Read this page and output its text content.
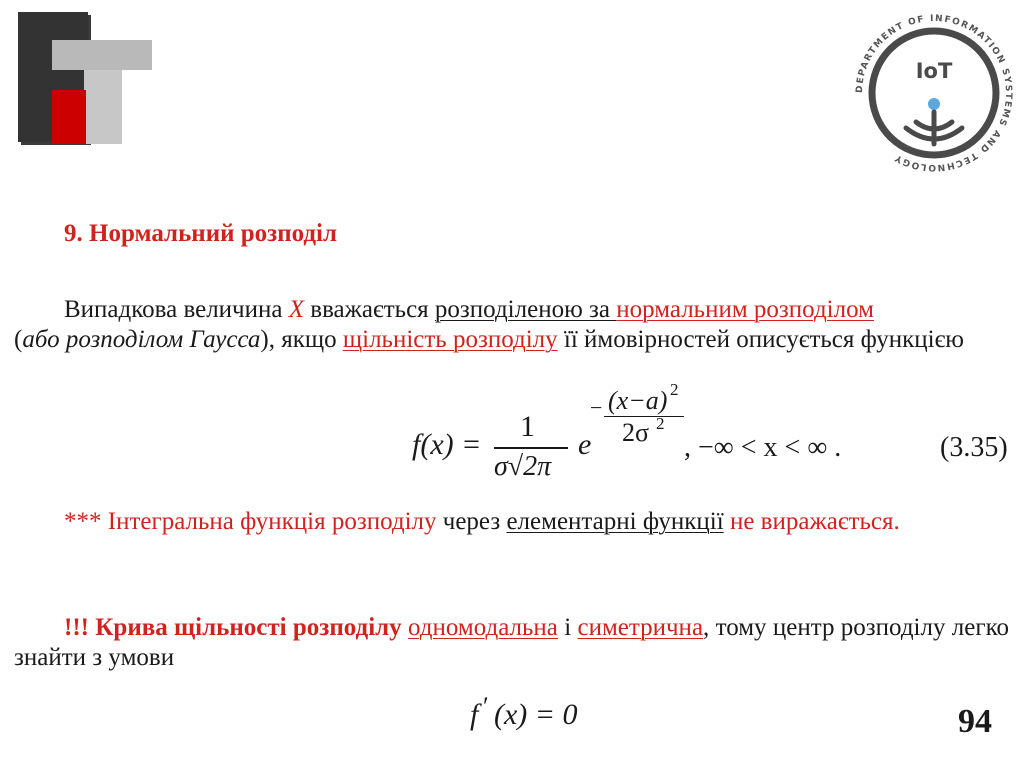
DEPARTMENT OF INFORMATION SYSTEMS AND TECHNOLOGY
IoT
9. Нормальний розподіл

Випадкова величина X вважається розподіленою за нормальним розподілом
(або розподілом Гаусса), якщо щільність розподілу її ймовірностей описується функцією

f(x) =
1
σ√2π
e
− (x−a) 2
2σ 2
, −∞ < x < ∞ .	(3.35)

*** Інтегральна функція розподілу через елементарні функції не виражається.

!!! Крива щільності розподілу одномодальна і симетрична, тому центр розподілу легко знайти з умови

f ′ (x) = 0	94
